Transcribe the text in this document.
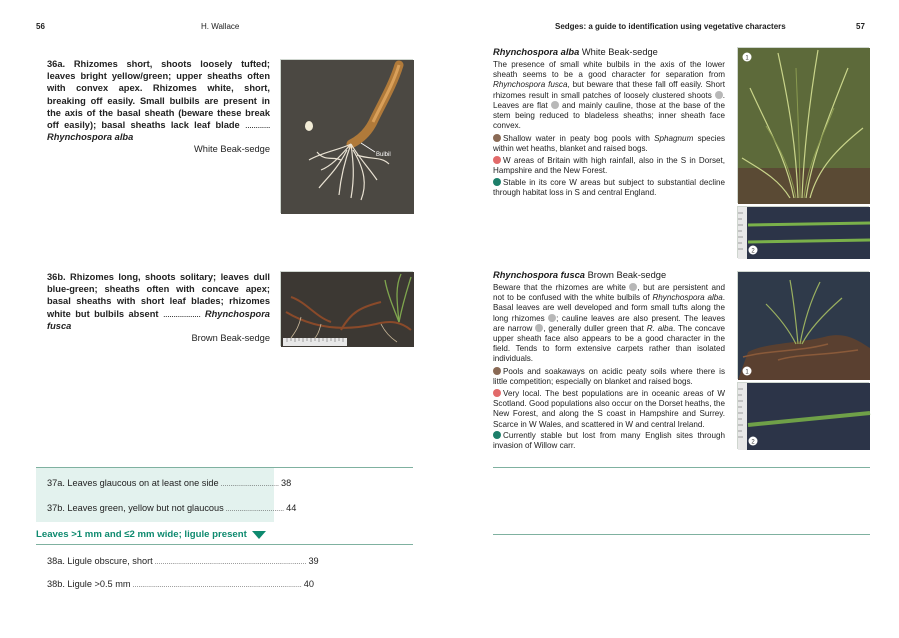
56	H. Wallace
36a. Rhizomes short, shoots loosely tufted; leaves bright yellow/green; upper sheaths often with convex apex. Rhizomes white, short, breaking off easily. Small bulbils are present in the axis of the basal sheath (beware these break off easily); basal sheaths lack leaf blade ............ Rhynchospora alba
White Beak-sedge
Bulbil
36b. Rhizomes long, shoots solitary; leaves dull blue-green; sheaths often with concave apex; basal sheaths with short leaf blades; rhizomes white but bulbils absent .................. Rhynchospora fusca
Brown Beak-sedge
37a. Leaves glaucous on at least one side .............................. 38
37b. Leaves green, yellow but not glaucous .............................. 44
Leaves >1 mm and ≤2 mm wide; ligule present
38a. Ligule obscure, short .............................................................................. 39
38b. Ligule >0.5 mm ....................................................................................... 40
Sedges: a guide to identification using vegetative characters	57
Rhynchospora alba White Beak-sedge
The presence of small white bulbils in the axis of the lower sheath seems to be a good character for separation from Rhynchospora fusca, but beware that these fall off easily. Short rhizomes result in small patches of loosely clustered shoots . Leaves are flat and mainly cauline, those at the base of the stem being reduced to bladeless sheaths; inner sheath face convex.
Shallow water in peaty bog pools with Sphagnum species within wet heaths, blanket and raised bogs.
W areas of Britain with high rainfall, also in the S in Dorset, Hampshire and the New Forest.
Stable in its core W areas but subject to substantial decline through habitat loss in S and central England.
1
2
Rhynchospora fusca Brown Beak-sedge
Beware that the rhizomes are white , but are persistent and not to be confused with the white bulbils of Rhynchospora alba. Basal leaves are well developed and form small tufts along the long rhizomes ; cauline leaves are also present. The leaves are narrow , generally duller green that R. alba. The concave upper sheath face also appears to be a good character in the field. Tends to form extensive carpets rather than isolated individuals.
Pools and soakaways on acidic peaty soils where there is little competition; especially on blanket and raised bogs.
Very local. The best populations are in oceanic areas of W Scotland. Good populations also occur on the Dorset heaths, the New Forest, and along the S coast in Hampshire and Surrey. Scarce in W Wales, and scattered in W and central Ireland.
Currently stable but lost from many English sites through invasion of Willow carr.
1
2
